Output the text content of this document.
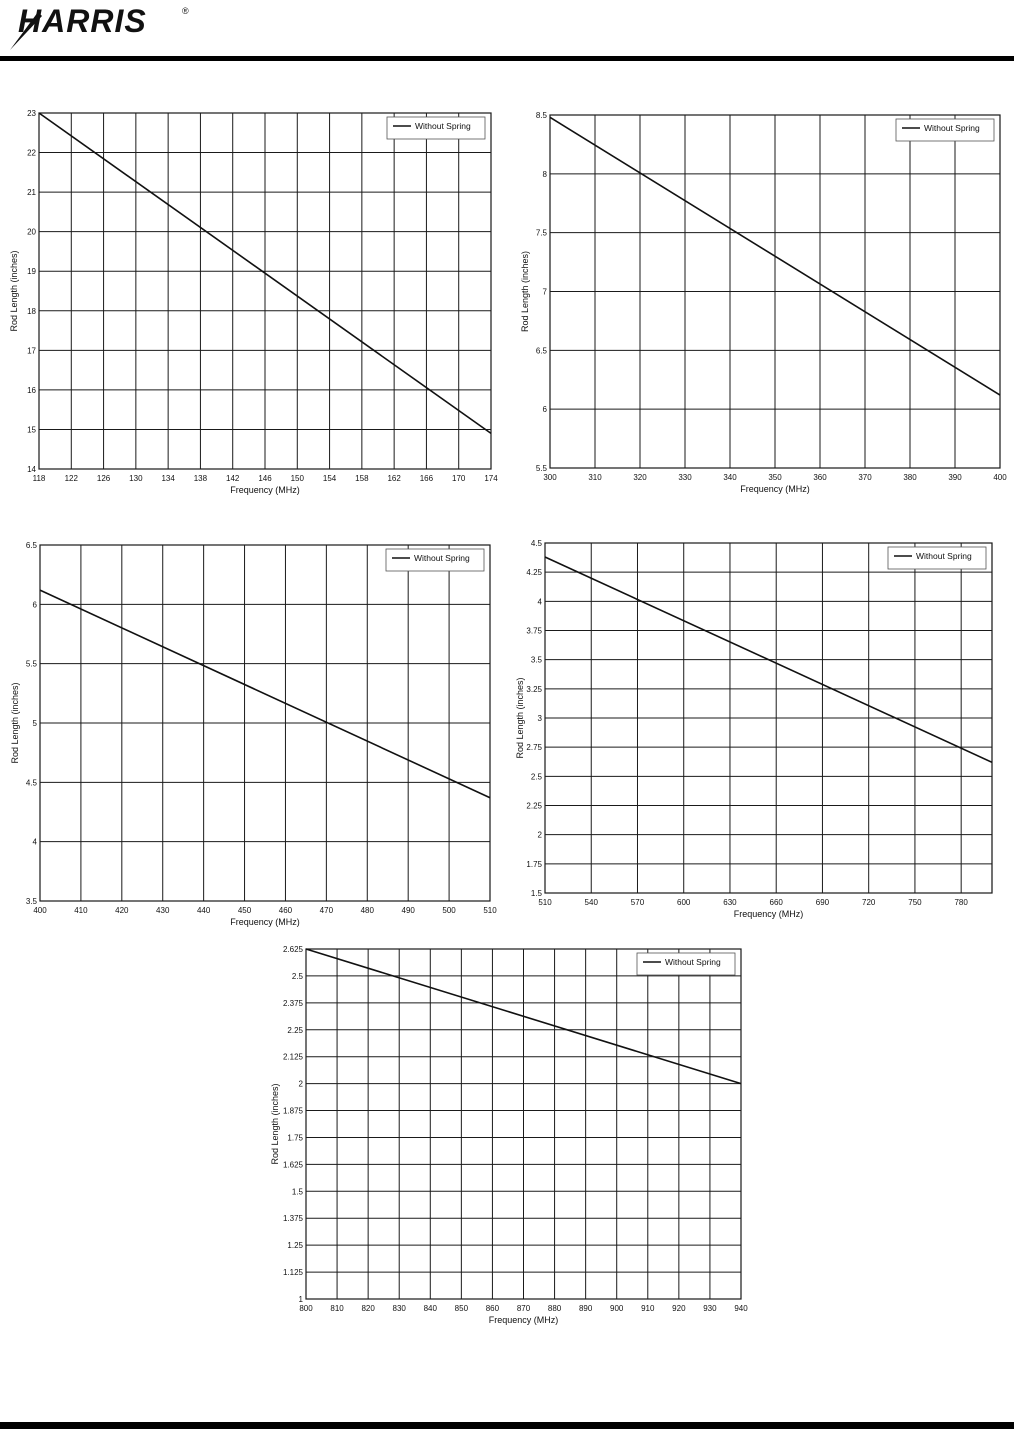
HARRIS	®
118 122 126 130 134 138 142 146 150 154 158 162 166 170 174
14
15
16
17
18
19
20
21
22
23
Without Spring
Frequency (MHz)
Rod Length (inches)
300	310	320	330	340	350	360	370	380	390	400
5.5
6
6.5
7
7.5
8
8.5
Without Spring
Frequency (MHz)
Rod Length (inches)
400	410	420	430	440	450	460	470	480	490	500	510
3.5
4
4.5
5
5.5
6
6.5
Without Spring
Frequency (MHz)
Rod Length (inches)
510	540	570	600	630	660	690	720	750	780
1.5
1.75
2
2.25
2.5
2.75
3
3.25
3.5
3.75
4
4.25
4.5
Without Spring
Frequency (MHz)
Rod Length (inches)
800 810 820 830 840 850 860 870 880 890 900 910 920 930 940
1
1.125
1.25
1.375
1.5
1.625
1.75
1.875
2
2.125
2.25
2.375
2.5
2.625
Without Spring
Frequency (MHz)
Rod Length (inches)
